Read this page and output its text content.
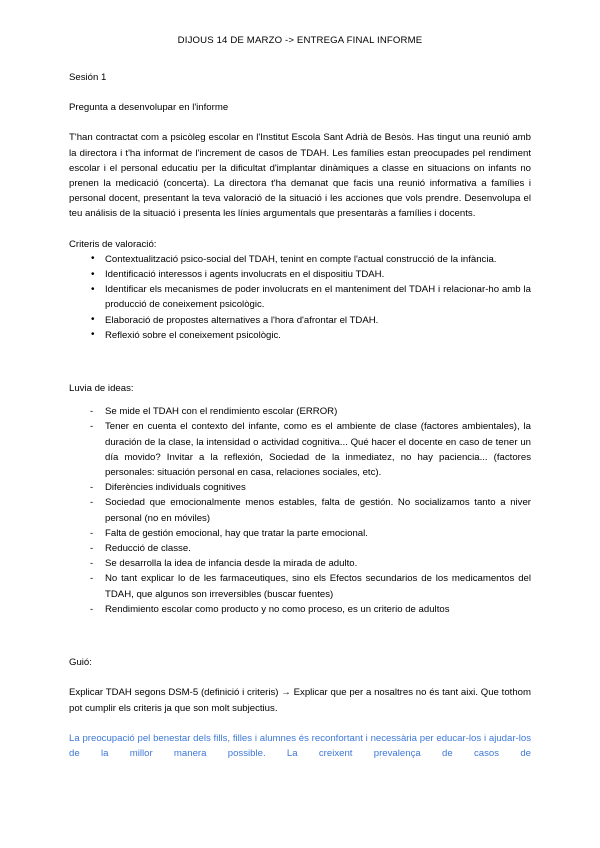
DIJOUS 14 DE MARZO -> ENTREGA FINAL INFORME

Sesión 1

Pregunta a desenvolupar en l'informe

T'han contractat com a psicòleg escolar en l'Institut Escola Sant Adrià de Besòs. Has tingut una reunió amb la directora i t'ha informat de l'increment de casos de TDAH. Les famílies estan preocupades pel rendiment escolar i el personal educatiu per la dificultat d'implantar dinàmiques a classe en situacions on infants no prenen la medicació (concerta). La directora t'ha demanat que facis una reunió informativa a famílies i personal docent, presentant la teva valoració de la situació i les acciones que vols prendre. Desenvolupa el teu análisis de la situació i presenta les línies argumentals que presentaràs a famílies i docents.

Criteris de valoració:

• Contextualització psico-social del TDAH, tenint en compte l'actual construcció de la infància.
• Identificació interessos i agents involucrats en el dispositiu TDAH.
• Identificar els mecanismes de poder involucrats en el manteniment del TDAH i relacionar-ho amb la producció de coneixement psicològic.
• Elaboració de propostes alternatives a l'hora d'afrontar el TDAH.
• Reflexió sobre el coneixement psicològic.

Luvia de ideas:

- Se mide el TDAH con el rendimiento escolar (ERROR)
- Tener en cuenta el contexto del infante, como es el ambiente de clase (factores ambientales), la duración de la clase, la intensidad o actividad cognitiva... Qué hacer el docente en caso de tener un día movido? Invitar a la reflexión, Sociedad de la inmediatez, no hay paciencia... (factores personales: situación personal en casa, relaciones sociales, etc).
- Diferències individuals cognitives
- Sociedad que emocionalmente menos estables, falta de gestión. No socializamos tanto a niver personal (no en móviles)
- Falta de gestión emocional, hay que tratar la parte emocional.
- Reducció de classe.
- Se desarrolla la idea de infancia desde la mirada de adulto.
- No tant explicar lo de les farmaceutiques, sino els Efectos secundarios de los medicamentos del TDAH, que algunos son irreversibles (buscar fuentes)
- Rendimiento escolar como producto y no como proceso, es un criterio de adultos

Guió:

Explicar TDAH segons DSM-5 (definició i criteris) → Explicar que per a nosaltres no és tant aixi. Que tothom pot cumplir els criteris ja que son molt subjectius.

La preocupació pel benestar dels fills, filles i alumnes és reconfortant i necessària per educar-los i ajudar-los de la millor manera possible. La creixent prevalença de casos de
